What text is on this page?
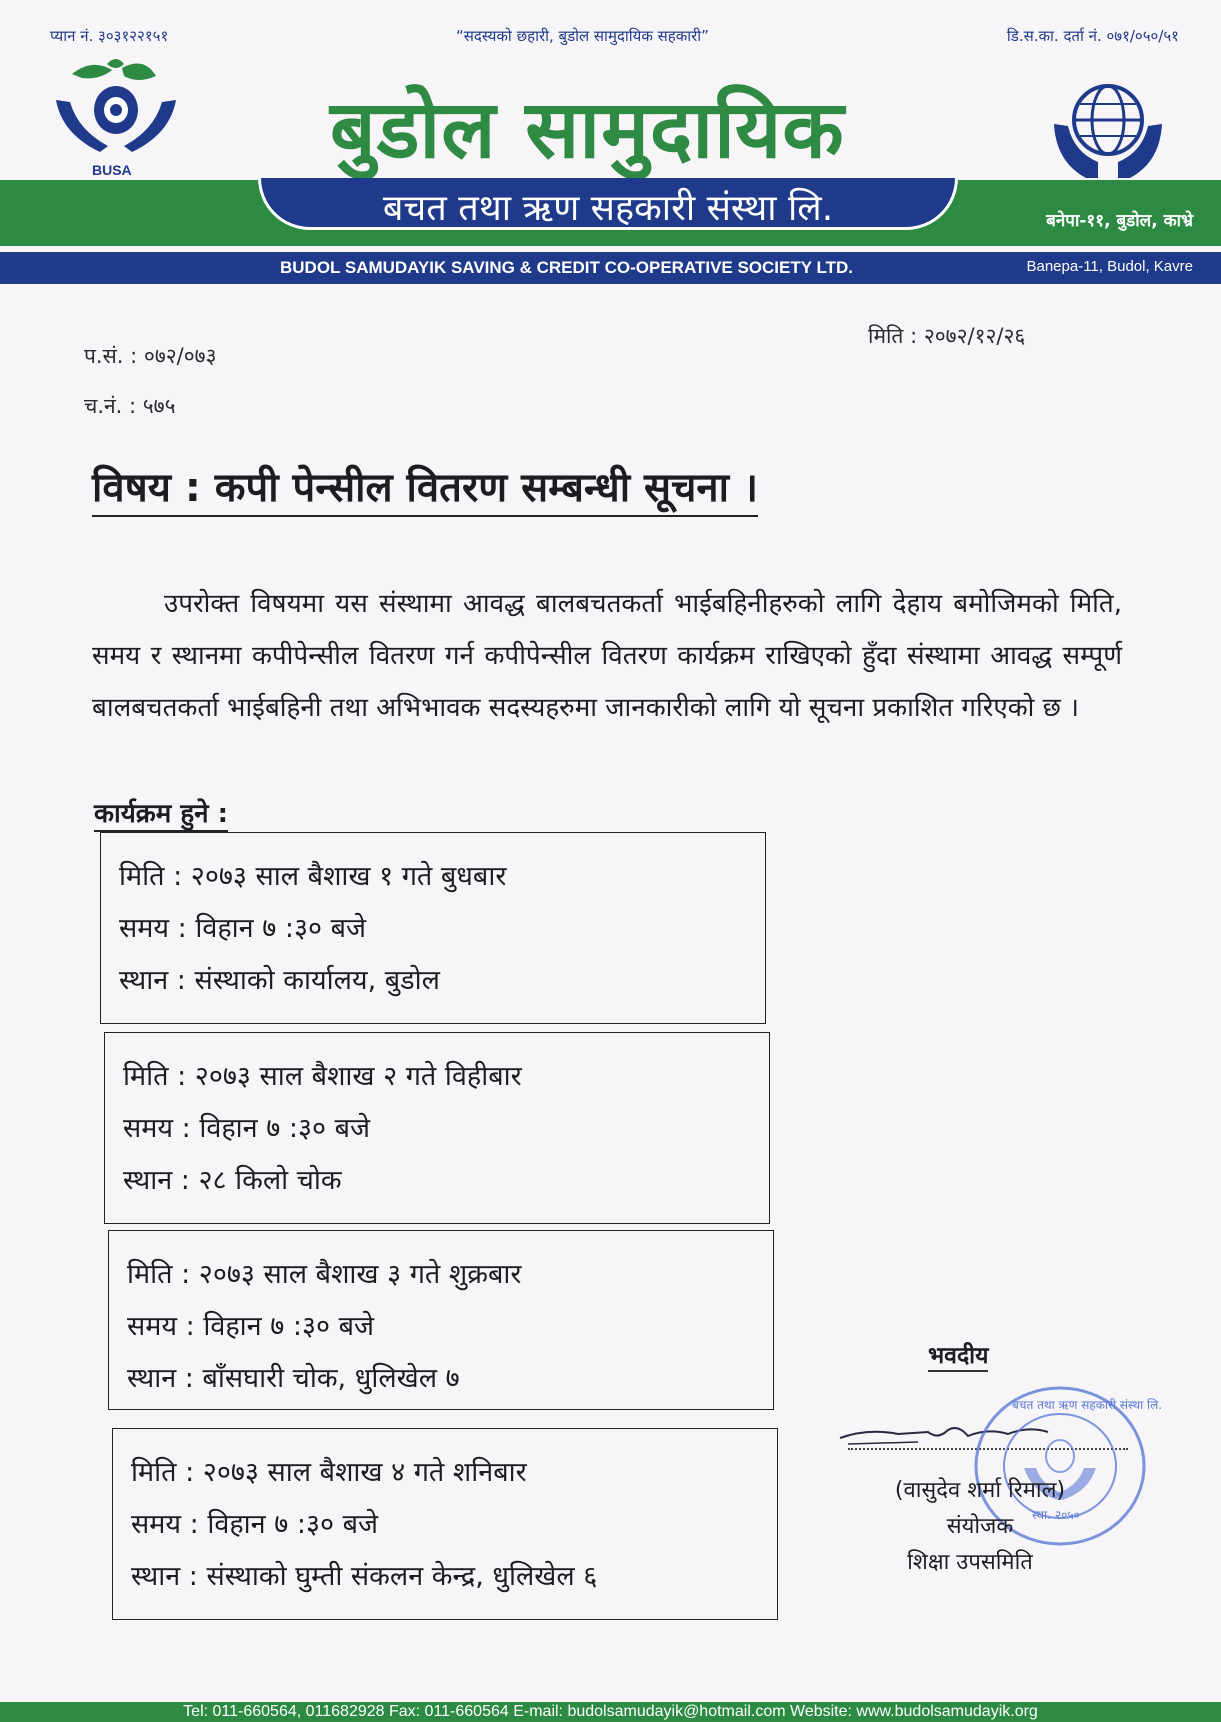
प्यान नं. ३०३१२२१५१	“सदस्यको छहारी, बुडोल सामुदायिक सहकारी”	डि.स.का. दर्ता नं. ०७१/०५०/५१
BUSA बुडोल सामुदायिक
बचत तथा ऋण सहकारी संस्था लि.	बनेपा-११, बुडोल, काभ्रे
BUDOL SAMUDAYIK SAVING & CREDIT CO-OPERATIVE SOCIETY LTD.	Banepa-11, Budol, Kavre
प.सं. : ०७२/०७३
च.नं. : ५७५
मिति : २०७२/१२/२६
विषय : कपी पेन्सील वितरण सम्बन्धी सूचना ।

उपरोक्त विषयमा यस संस्थामा आवद्ध बालबचतकर्ता भाईबहिनीहरुको लागि देहाय बमोजिमको मिति, समय र स्थानमा कपीपेन्सील वितरण गर्न कपीपेन्सील वितरण कार्यक्रम राखिएको हुँदा संस्थामा आवद्ध सम्पूर्ण बालबचतकर्ता भाईबहिनी तथा अभिभावक सदस्यहरुमा जानकारीको लागि यो सूचना प्रकाशित गरिएको छ ।

कार्यक्रम हुने :
मिति : २०७३ साल बैशाख १ गते बुधबार
समय : विहान ७ :३० बजे
स्थान : संस्थाको कार्यालय, बुडोल
मिति : २०७३ साल बैशाख २ गते विहीबार
समय : विहान ७ :३० बजे
स्थान : २८ किलो चोक
मिति : २०७३ साल बैशाख ३ गते शुक्रबार
समय : विहान ७ :३० बजे
स्थान : बाँसघारी चोक, धुलिखेल ७
मिति : २०७३ साल बैशाख ४ गते शनिबार
समय : विहान ७ :३० बजे
स्थान : संस्थाको घुम्ती संकलन केन्द्र, धुलिखेल ६
भवदीय
बचत तथा ऋण सहकारी संस्था लि.
स्था. २०५०
(वासुदेव शर्मा रिमाल)
संयोजक
शिक्षा उपसमिति
Tel: 011-660564, 011682928 Fax: 011-660564 E-mail: budolsamudayik@hotmail.com Website: www.budolsamudayik.org
